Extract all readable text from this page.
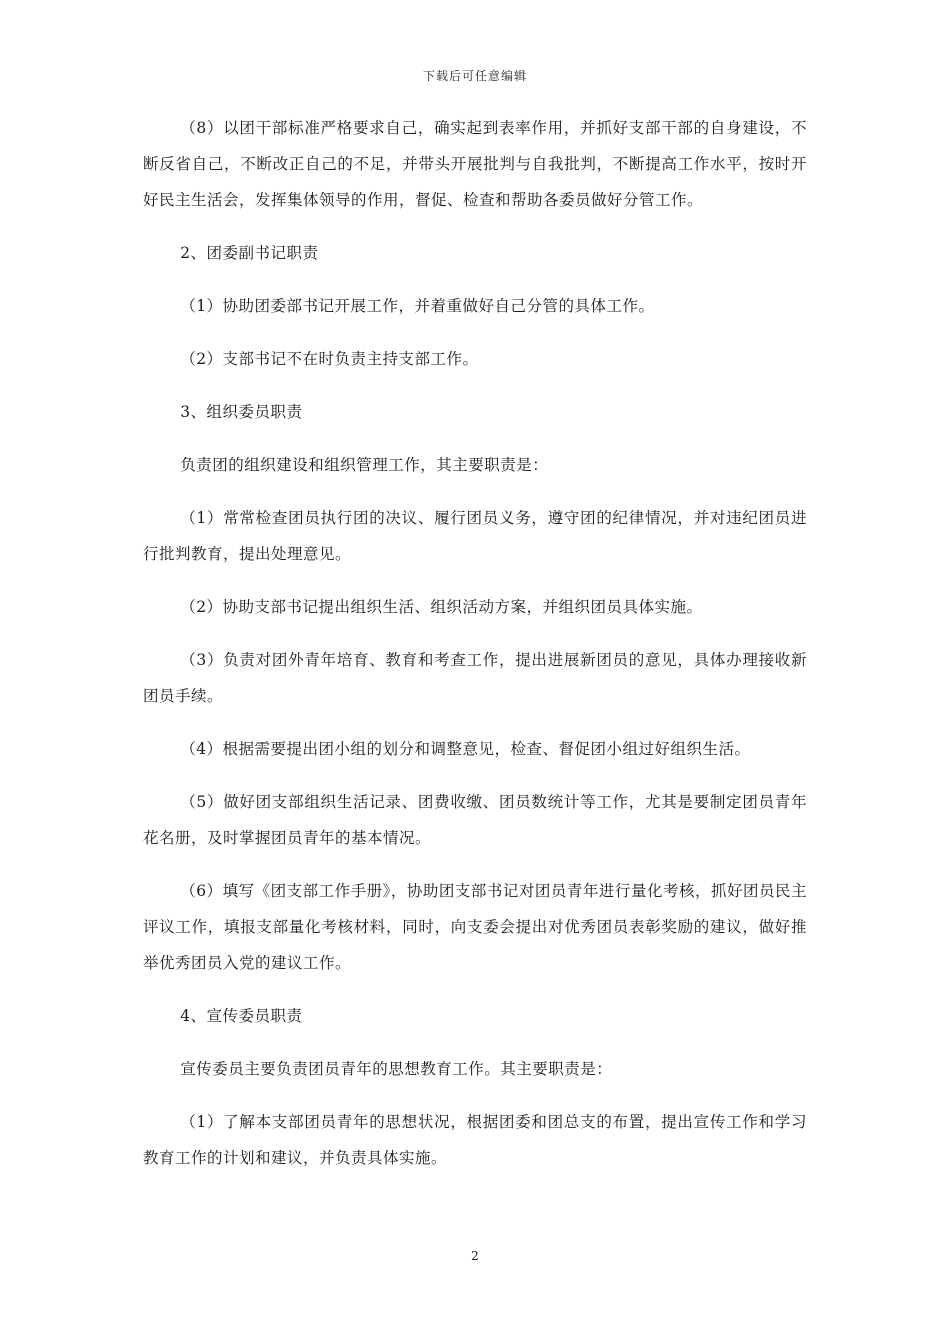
下载后可任意编辑

（8）以团干部标准严格要求自己，确实起到表率作用，并抓好支部干部的自身建设，不断反省自己，不断改正自己的不足，并带头开展批判与自我批判，不断提高工作水平，按时开好民主生活会，发挥集体领导的作用，督促、检查和帮助各委员做好分管工作。

2、团委副书记职责

（1）协助团委部书记开展工作，并着重做好自己分管的具体工作。

（2）支部书记不在时负责主持支部工作。

3、组织委员职责

负责团的组织建设和组织管理工作，其主要职责是：

（1）常常检查团员执行团的决议、履行团员义务，遵守团的纪律情况，并对违纪团员进行批判教育，提出处理意见。

（2）协助支部书记提出组织生活、组织活动方案，并组织团员具体实施。

（3）负责对团外青年培育、教育和考查工作，提出进展新团员的意见，具体办理接收新团员手续。

（4）根据需要提出团小组的划分和调整意见，检查、督促团小组过好组织生活。

（5）做好团支部组织生活记录、团费收缴、团员数统计等工作，尤其是要制定团员青年花名册，及时掌握团员青年的基本情况。

（6）填写《团支部工作手册》，协助团支部书记对团员青年进行量化考核，抓好团员民主评议工作，填报支部量化考核材料，同时，向支委会提出对优秀团员表彰奖励的建议，做好推举优秀团员入党的建议工作。

4、宣传委员职责

宣传委员主要负责团员青年的思想教育工作。其主要职责是：

（1）了解本支部团员青年的思想状况，根据团委和团总支的布置，提出宣传工作和学习教育工作的计划和建议，并负责具体实施。

2
